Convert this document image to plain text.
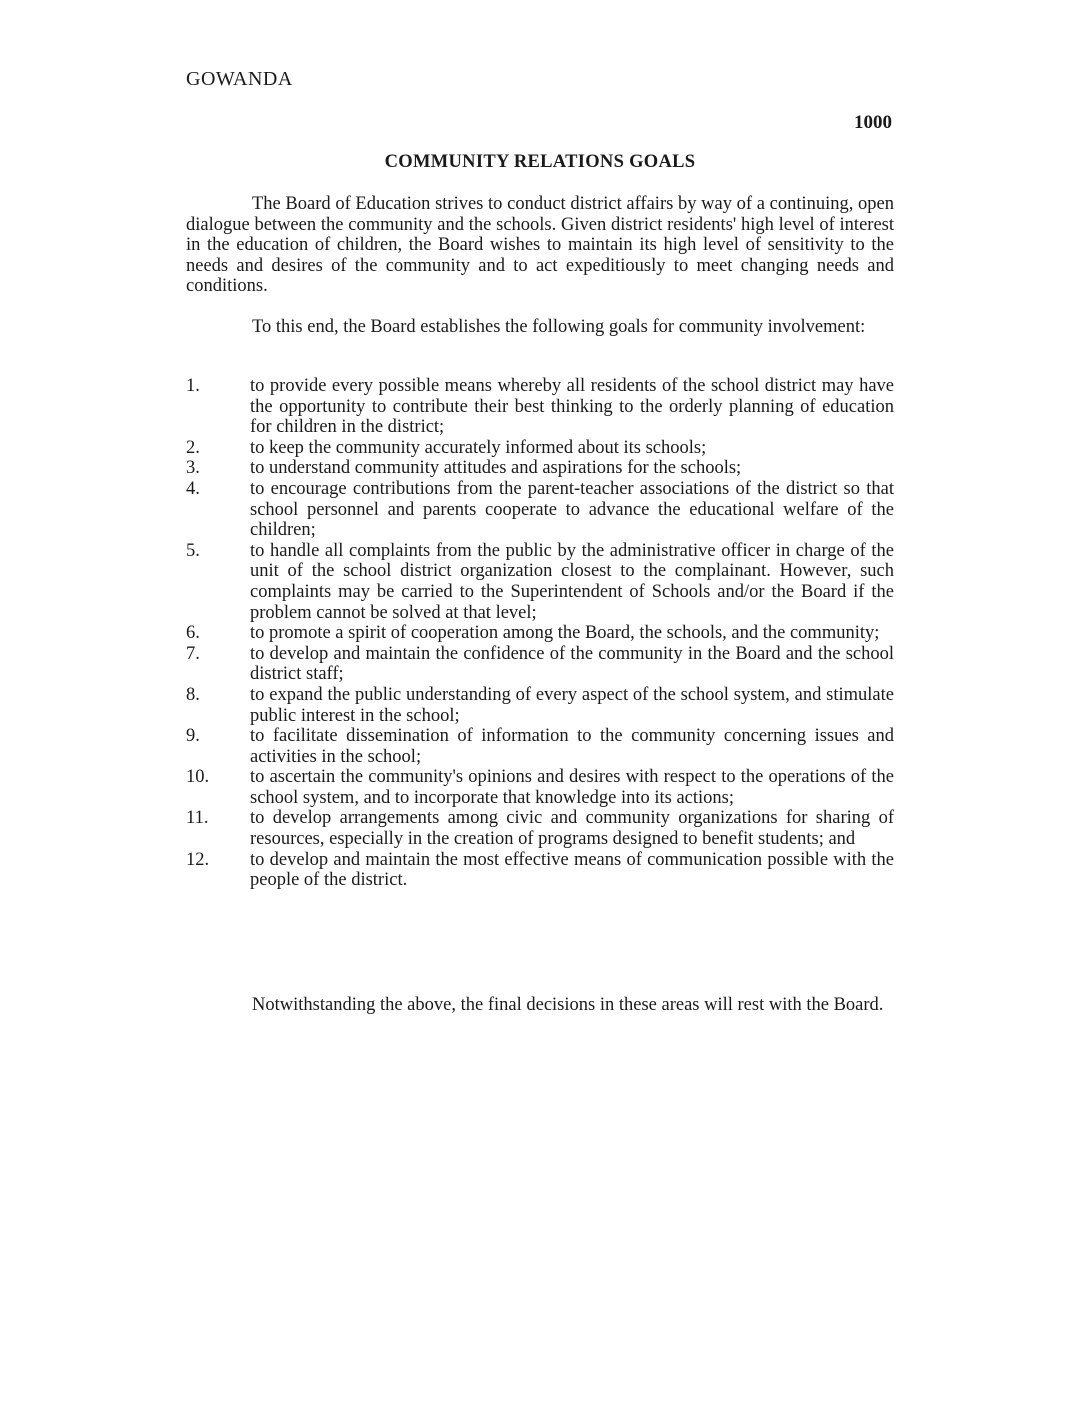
GOWANDA
1000
COMMUNITY RELATIONS GOALS

The Board of Education strives to conduct district affairs by way of a continuing, open dialogue between the community and the schools. Given district residents' high level of interest in the education of children, the Board wishes to maintain its high level of sensitivity to the needs and desires of the community and to act expeditiously to meet changing needs and conditions.

To this end, the Board establishes the following goals for community involvement:

1.	to provide every possible means whereby all residents of the school district may have the opportunity to contribute their best thinking to the orderly planning of education for children in the district;
2.	to keep the community accurately informed about its schools;
3.	to understand community attitudes and aspirations for the schools;
4.	to encourage contributions from the parent-teacher associations of the district so that school personnel and parents cooperate to advance the educational welfare of the children;
5.	to handle all complaints from the public by the administrative officer in charge of the unit of the school district organization closest to the complainant. However, such complaints may be carried to the Superintendent of Schools and/or the Board if the problem cannot be solved at that level;
6.	to promote a spirit of cooperation among the Board, the schools, and the community;
7.	to develop and maintain the confidence of the community in the Board and the school district staff;
8.	to expand the public understanding of every aspect of the school system, and stimulate public interest in the school;
9.	to facilitate dissemination of information to the community concerning issues and activities in the school;
10.	to ascertain the community's opinions and desires with respect to the operations of the school system, and to incorporate that knowledge into its actions;
11.	to develop arrangements among civic and community organizations for sharing of resources, especially in the creation of programs designed to benefit students; and
12.	to develop and maintain the most effective means of communication possible with the people of the district.

Notwithstanding the above, the final decisions in these areas will rest with the Board.
